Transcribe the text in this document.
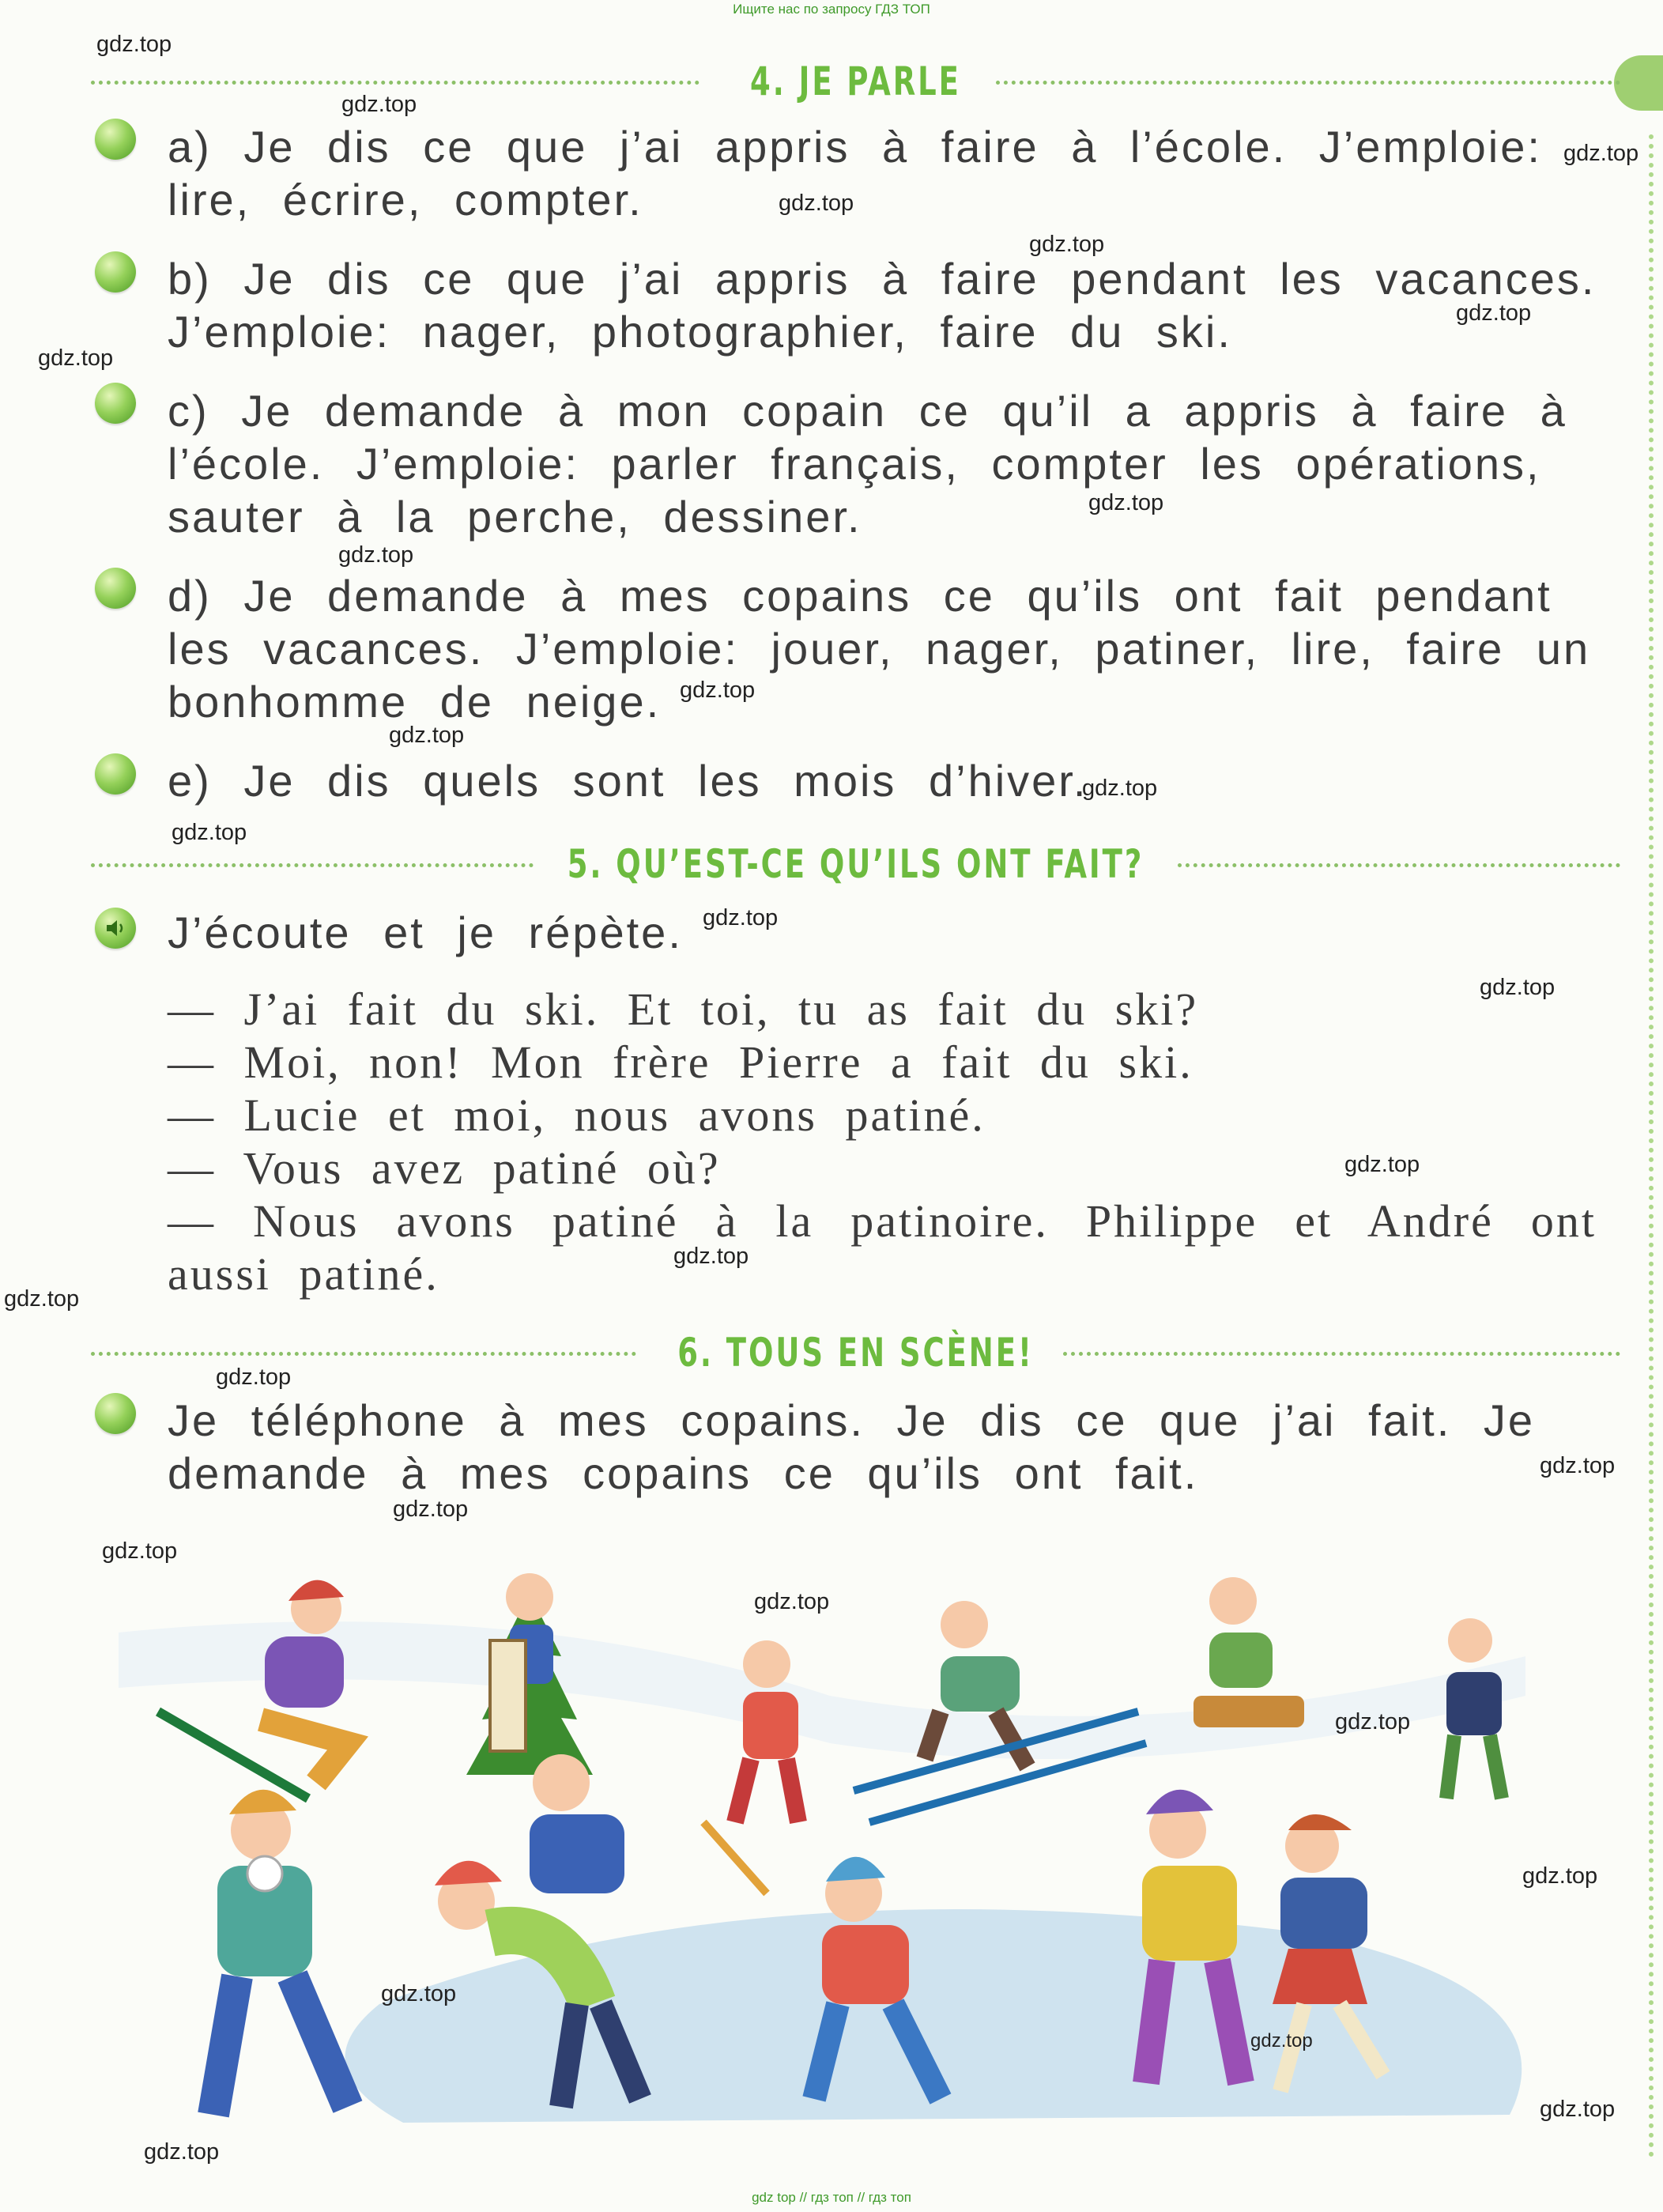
Ищите нас по запросу ГДЗ ТОП
4. JE PARLE
a) Je dis ce que j’ai appris à faire à l’école. J’emploie:
lire, écrire, compter.
b) Je dis ce que j’ai appris à faire pendant les vacances.
J’emploie: nager, photographier, faire du ski.
c) Je demande à mon copain ce qu’il a appris à faire à
l’école. J’emploie: parler français, compter les opérations,
sauter à la perche, dessiner.
d) Je demande à mes copains ce qu’ils ont fait pendant
les vacances. J’emploie: jouer, nager, patiner, lire, faire un
bonhomme de neige.
e) Je dis quels sont les mois d’hiver.
5. QU’EST-CE QU’ILS ONT FAIT?
J’écoute et je répète.
— J’ai fait du ski. Et toi, tu as fait du ski?
— Moi, non! Mon frère Pierre a fait du ski.
— Lucie et moi, nous avons patiné.
— Vous avez patiné où?
— Nous avons patiné à la patinoire. Philippe et André ont
aussi patiné.
6. TOUS EN SCÈNE!
Je téléphone à mes copains. Je dis ce que j’ai fait. Je
demande à mes copains ce qu’ils ont fait.
gdz.top
gdz.top
gdz.top
gdz.top
gdz.top
gdz.top
gdz.top
gdz.top
gdz.top
gdz.top
gdz.top
gdz.top
gdz.top
gdz.top
gdz.top
gdz.top
gdz.top
gdz.top
gdz.top
gdz.top
gdz.top
gdz.top
gdz.top
gdz.top
gdz.top
gdz.top
gdz.top
gdz.top
gdz.top
gdz top // гдз топ // гдз топ
